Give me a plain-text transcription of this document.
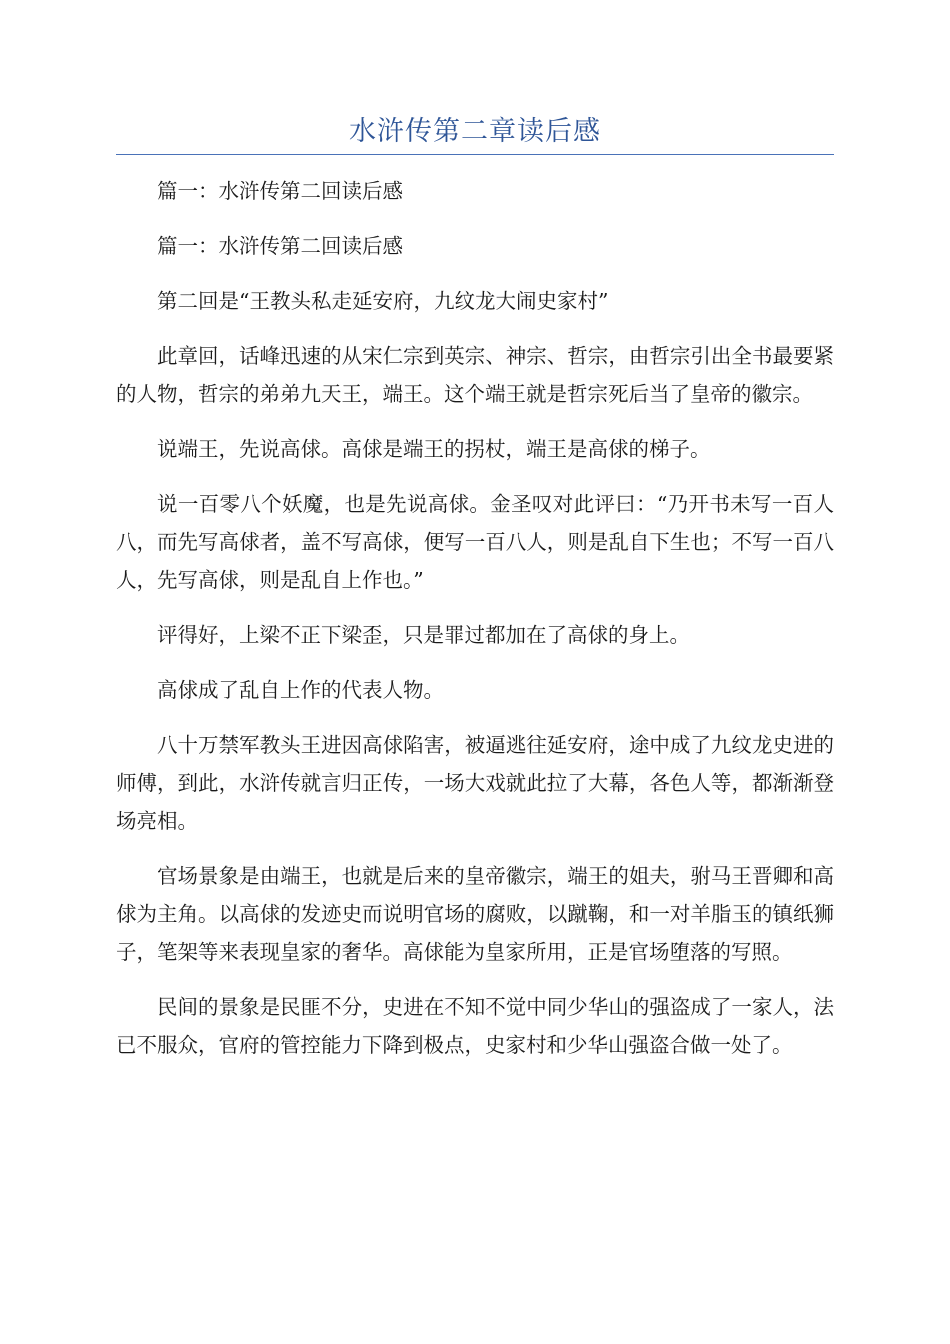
水浒传第二章读后感

篇一：水浒传第二回读后感

篇一：水浒传第二回读后感

第二回是“王教头私走延安府，九纹龙大闹史家村”

此章回，话峰迅速的从宋仁宗到英宗、神宗、哲宗，由哲宗引出全书最要紧的人物，哲宗的弟弟九天王，端王。这个端王就是哲宗死后当了皇帝的徽宗。

说端王，先说高俅。高俅是端王的拐杖，端王是高俅的梯子。

说一百零八个妖魔，也是先说高俅。金圣叹对此评曰：“乃开书未写一百人八，而先写高俅者，盖不写高俅，便写一百八人，则是乱自下生也；不写一百八人，先写高俅，则是乱自上作也。”

评得好，上梁不正下梁歪，只是罪过都加在了高俅的身上。

高俅成了乱自上作的代表人物。

八十万禁军教头王进因高俅陷害，被逼逃往延安府，途中成了九纹龙史进的师傅，到此，水浒传就言归正传，一场大戏就此拉了大幕，各色人等，都渐渐登场亮相。

官场景象是由端王，也就是后来的皇帝徽宗，端王的姐夫，驸马王晋卿和高俅为主角。以高俅的发迹史而说明官场的腐败，以蹴鞠，和一对羊脂玉的镇纸狮子，笔架等来表现皇家的奢华。高俅能为皇家所用，正是官场堕落的写照。

民间的景象是民匪不分，史进在不知不觉中同少华山的强盗成了一家人，法已不服众，官府的管控能力下降到极点，史家村和少华山强盗合做一处了。
